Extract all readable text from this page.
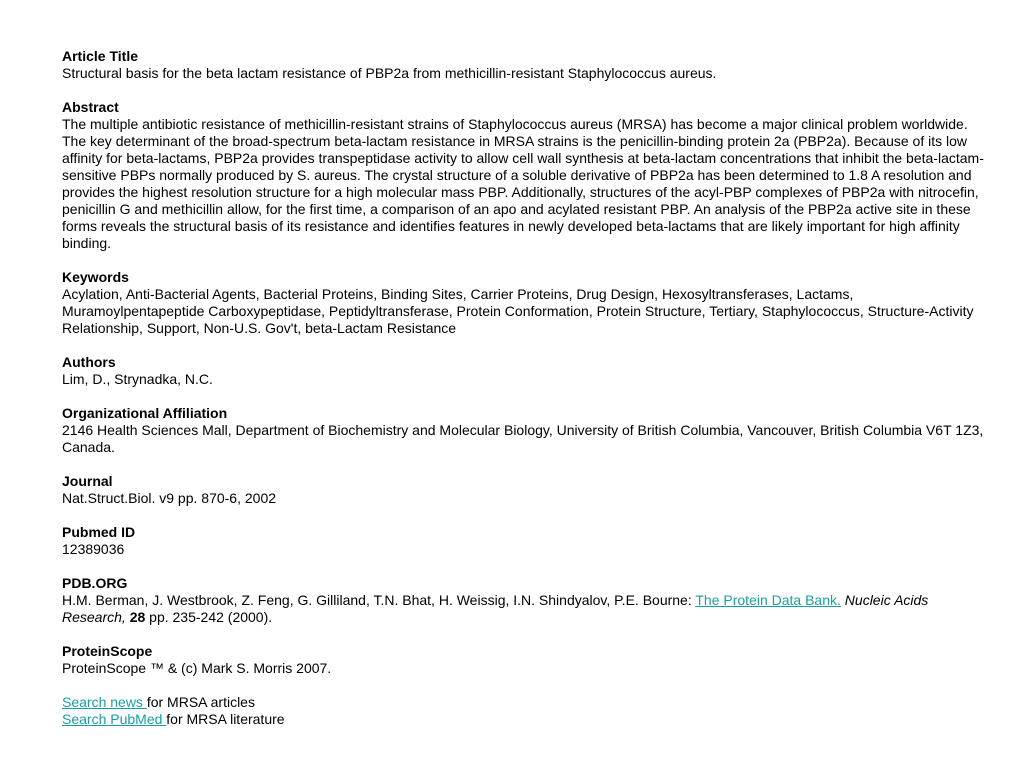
Article Title
Structural basis for the beta lactam resistance of PBP2a from methicillin-resistant Staphylococcus aureus.
Abstract
The multiple antibiotic resistance of methicillin-resistant strains of Staphylococcus aureus (MRSA) has become a major clinical problem worldwide. The key determinant of the broad-spectrum beta-lactam resistance in MRSA strains is the penicillin-binding protein 2a (PBP2a). Because of its low affinity for beta-lactams, PBP2a provides transpeptidase activity to allow cell wall synthesis at beta-lactam concentrations that inhibit the beta-lactam-sensitive PBPs normally produced by S. aureus. The crystal structure of a soluble derivative of PBP2a has been determined to 1.8 A resolution and provides the highest resolution structure for a high molecular mass PBP. Additionally, structures of the acyl-PBP complexes of PBP2a with nitrocefin, penicillin G and methicillin allow, for the first time, a comparison of an apo and acylated resistant PBP. An analysis of the PBP2a active site in these forms reveals the structural basis of its resistance and identifies features in newly developed beta-lactams that are likely important for high affinity binding.
Keywords
Acylation, Anti-Bacterial Agents, Bacterial Proteins, Binding Sites, Carrier Proteins, Drug Design, Hexosyltransferases, Lactams, Muramoylpentapeptide Carboxypeptidase, Peptidyltransferase, Protein Conformation, Protein Structure, Tertiary, Staphylococcus, Structure-Activity Relationship, Support, Non-U.S. Gov't, beta-Lactam Resistance
Authors
Lim, D., Strynadka, N.C.
Organizational Affiliation
2146 Health Sciences Mall, Department of Biochemistry and Molecular Biology, University of British Columbia, Vancouver, British Columbia V6T 1Z3, Canada.
Journal
Nat.Struct.Biol. v9 pp. 870-6, 2002
Pubmed ID
12389036
PDB.ORG
H.M. Berman, J. Westbrook, Z. Feng, G. Gilliland, T.N. Bhat, H. Weissig, I.N. Shindyalov, P.E. Bourne: The Protein Data Bank. Nucleic Acids Research, 28 pp. 235-242 (2000).
ProteinScope
ProteinScope ™ & (c) Mark S. Morris 2007.
Search news for MRSA articles
Search PubMed for MRSA literature
